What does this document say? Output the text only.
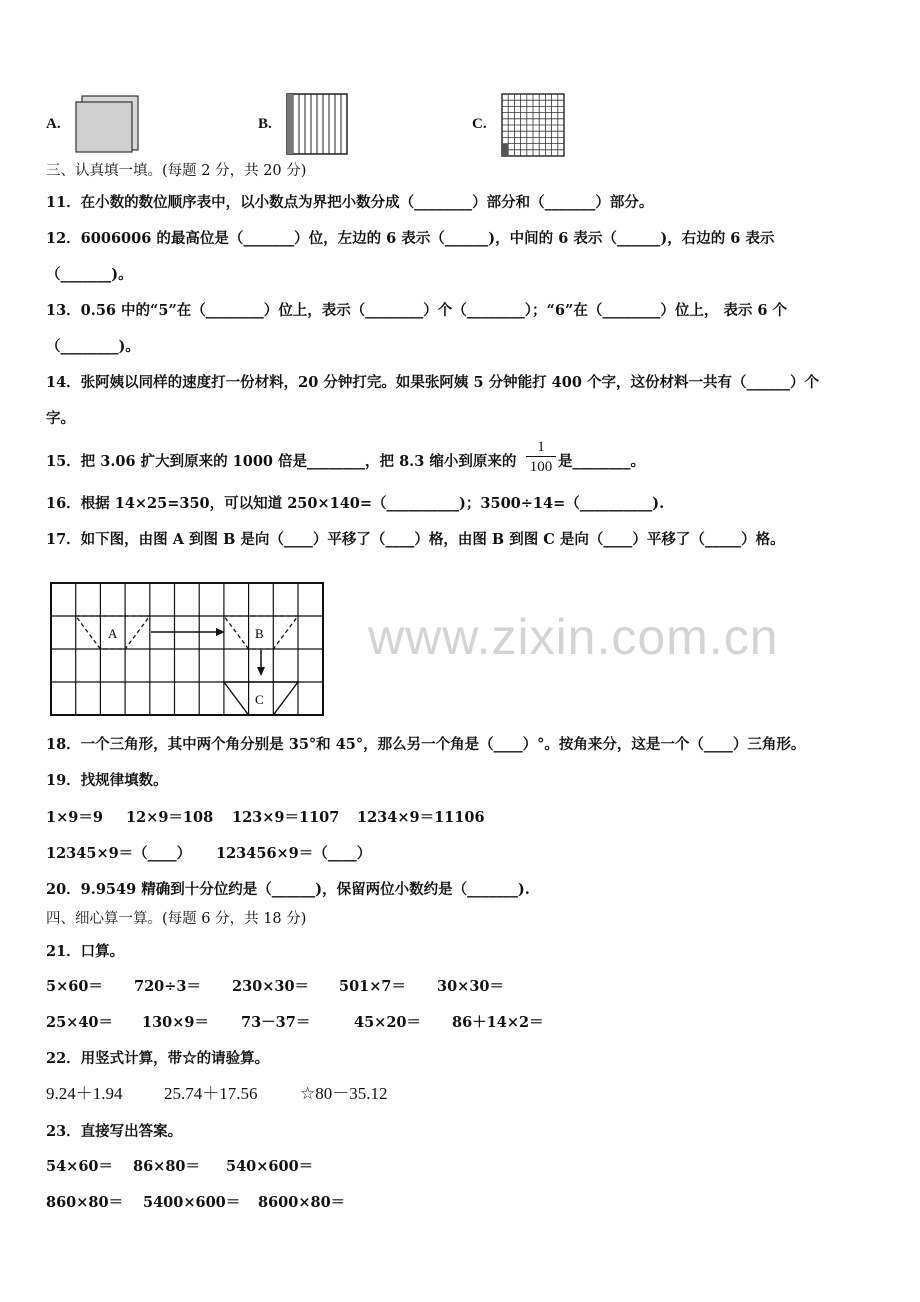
A.	B.	C.
三、认真填一填。(每题 2 分，共 20 分)
11．在小数的数位顺序表中，以小数点为界把小数分成（________）部分和（_______）部分。
12．6006006 的最高位是（_______）位，左边的 6 表示（______)，中间的 6 表示（______)，右边的 6 表示
（_______)。
13．0.56 中的“5”在（________）位上，表示（________）个（________）；“6”在（________）位上， 表示 6 个
（________)。
14．张阿姨以同样的速度打一份材料，20 分钟打完。如果张阿姨 5 分钟能打 400 个字，这份材料一共有（______）个
字。
15．把 3.06 扩大到原来的 1000 倍是________，把 8.3 缩小到原来的 $\frac{1}{100}$ 是________。
16．根据 14×25=350，可以知道 250×140=（__________)；3500÷14=（__________).
17．如下图，由图 A 到图 B 是向（____）平移了（____）格，由图 B 到图 C 是向（____）平移了（_____）格。
A	B
C
www.zixin.com.cn
18．一个三角形，其中两个角分别是 35°和 45°，那么另一个角是（____）°。按角来分，这是一个（____）三角形。
19．找规律填数。
1×9＝9 12×9＝108 123×9＝1107 1234×9＝11106
12345×9＝（____） 123456×9＝（____）
20．9.9549 精确到十分位约是（______)，保留两位小数约是（_______).
四、细心算一算。(每题 6 分，共 18 分)
21．口算。
5×60＝ 720÷3＝ 230×30＝ 501×7＝ 30×30＝
25×40＝ 130×9＝ 73－37＝	45×20＝ 86＋14×2＝
22．用竖式计算，带☆的请验算。
9.24＋1.94 25.74＋17.56	☆80－35.12
23．直接写出答案。
54×60＝ 86×80＝ 540×600＝
860×80＝ 5400×600＝ 8600×80＝
